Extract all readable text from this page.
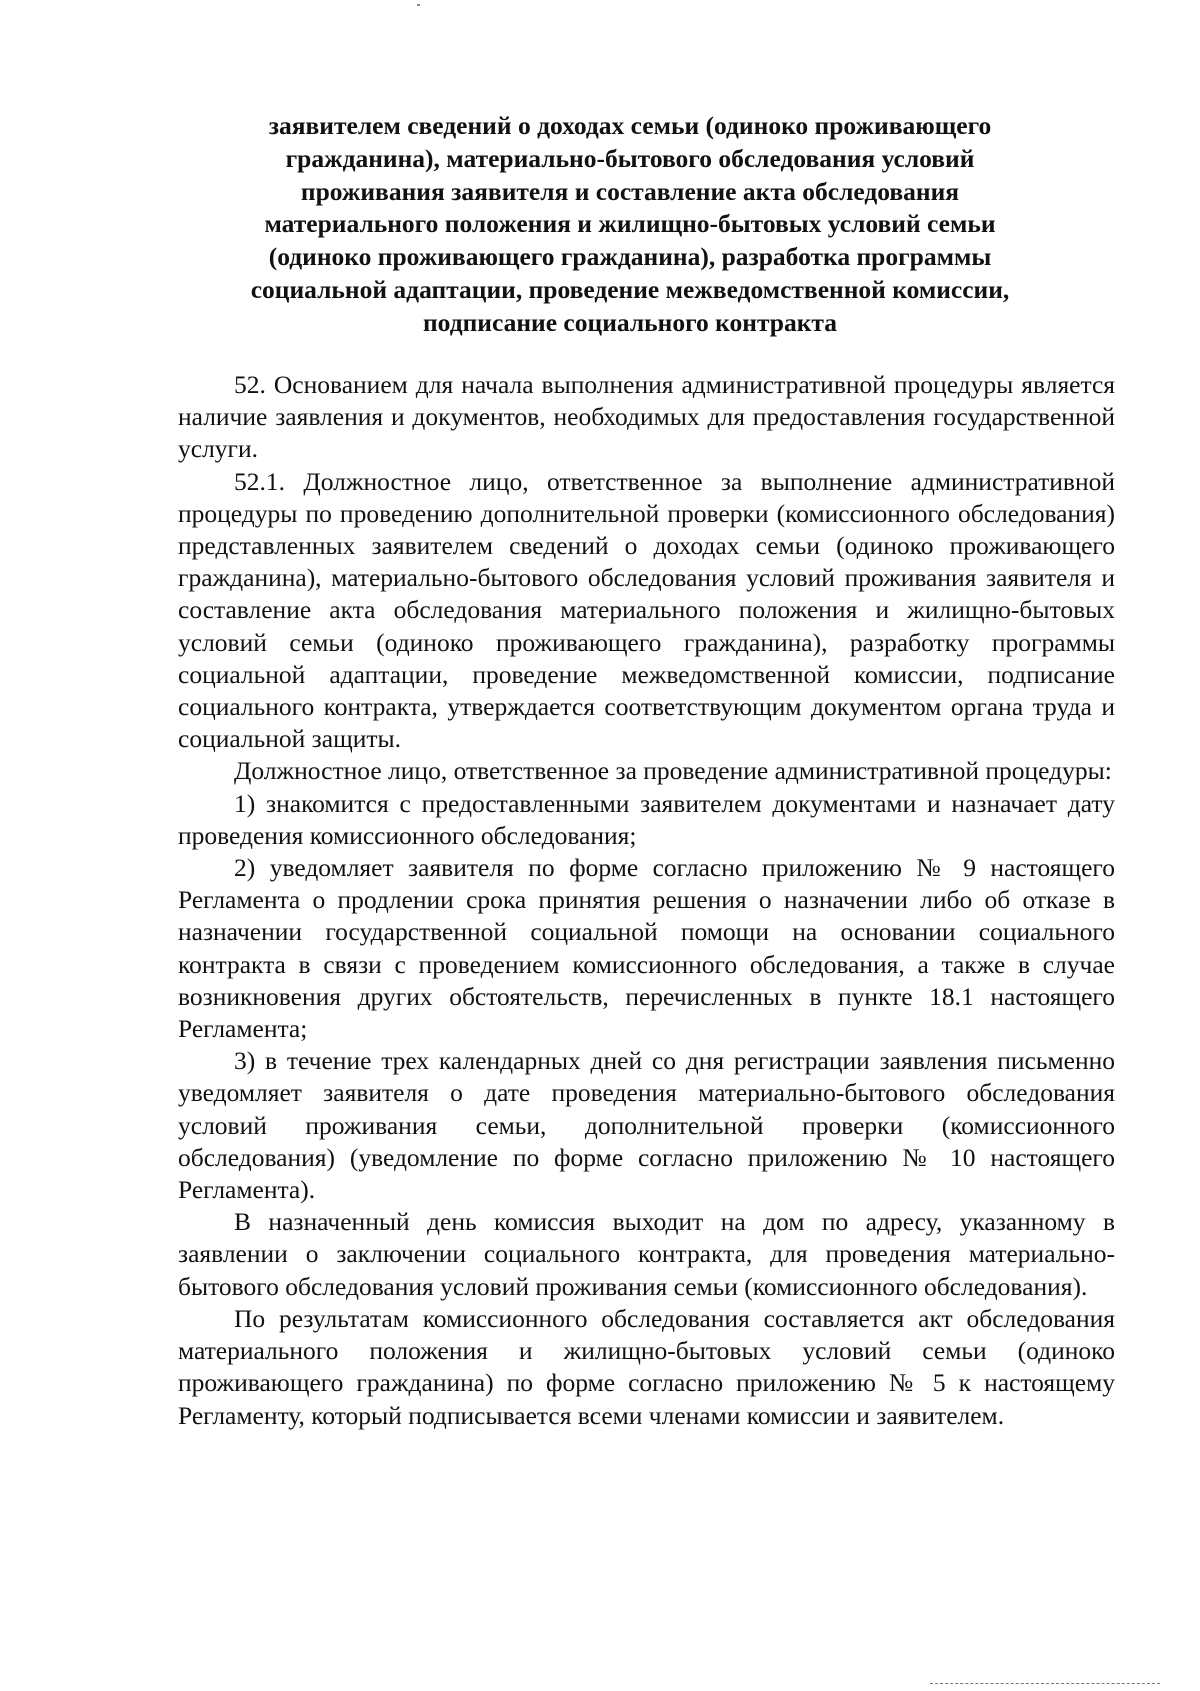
заявителем сведений о доходах семьи (одиноко проживающего
гражданина), материально-бытового обследования условий
проживания заявителя и составление акта обследования
материального положения и жилищно-бытовых условий семьи
(одиноко проживающего гражданина), разработка программы
социальной адаптации, проведение межведомственной комиссии,
подписание социального контракта

52. Основанием для начала выполнения административной процедуры является наличие заявления и документов, необходимых для предоставления государственной услуги.

52.1. Должностное лицо, ответственное за выполнение административной процедуры по проведению дополнительной проверки (комиссионного обследования) представленных заявителем сведений о доходах семьи (одиноко проживающего гражданина), материально-бытового обследования условий проживания заявителя и составление акта обследования материального положения и жилищно-бытовых условий семьи (одиноко проживающего гражданина), разработку программы социальной адаптации, проведение межведомственной комиссии, подписание социального контракта, утверждается соответствующим документом органа труда и социальной защиты.

Должностное лицо, ответственное за проведение административной процедуры:

1) знакомится с предоставленными заявителем документами и назначает дату проведения комиссионного обследования;

2) уведомляет заявителя по форме согласно приложению № 9 настоящего Регламента о продлении срока принятия решения о назначении либо об отказе в назначении государственной социальной помощи на основании социального контракта в связи с проведением комиссионного обследования, а также в случае возникновения других обстоятельств, перечисленных в пункте 18.1 настоящего Регламента;

3) в течение трех календарных дней со дня регистрации заявления письменно уведомляет заявителя о дате проведения материально-бытового обследования условий проживания семьи, дополнительной проверки (комиссионного обследования) (уведомление по форме согласно приложению № 10 настоящего Регламента).

В назначенный день комиссия выходит на дом по адресу, указанному в заявлении о заключении социального контракта, для проведения материально-бытового обследования условий проживания семьи (комиссионного обследования).

По результатам комиссионного обследования составляется акт обследования материального положения и жилищно-бытовых условий семьи (одиноко проживающего гражданина) по форме согласно приложению № 5 к настоящему Регламенту, который подписывается всеми членами комиссии и заявителем.
